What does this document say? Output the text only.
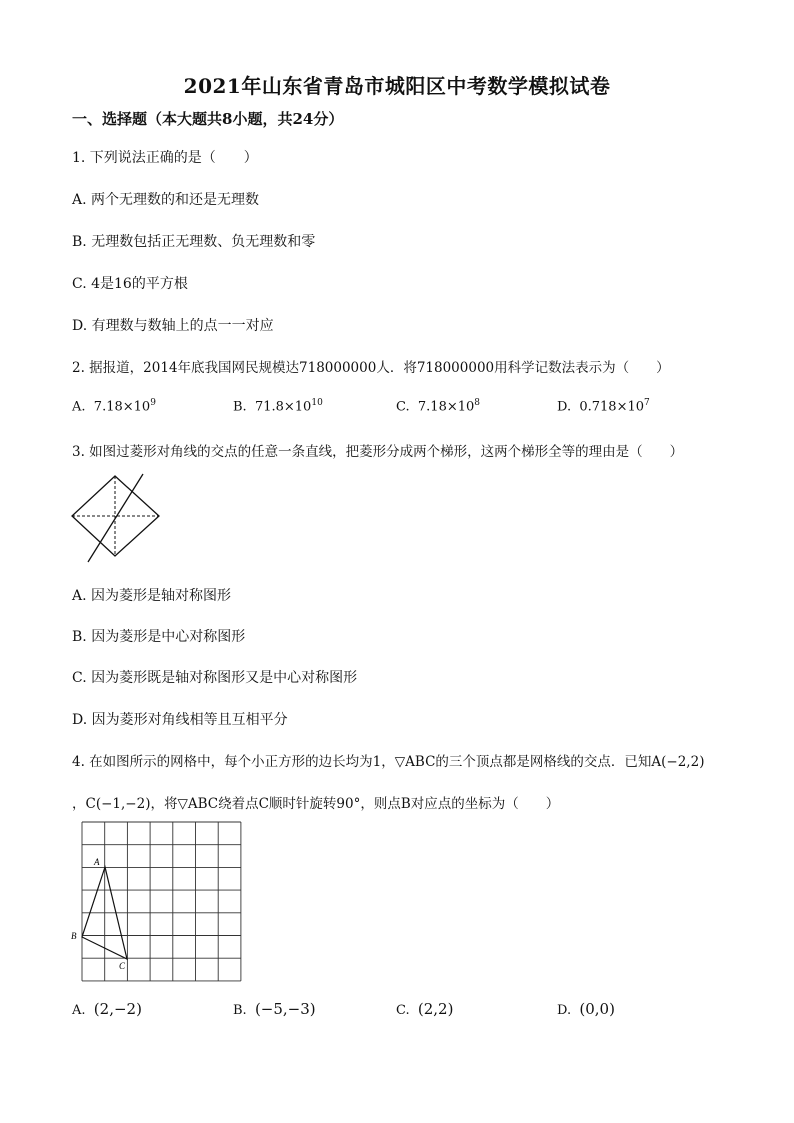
2021年山东省青岛市城阳区中考数学模拟试卷
一、选择题（本大题共8小题，共24分）
1. 下列说法正确的是（　　）
A. 两个无理数的和还是无理数
B. 无理数包括正无理数、负无理数和零
C. 4是16的平方根
D. 有理数与数轴上的点一一对应
2. 据报道，2014年底我国网民规模达718000000人．将718000000用科学记数法表示为（　　）
A. $7.18\times 10^9$	B. $71.8\times 10^{10}$	C. $7.18\times 10^8$	D. $0.718\times 10^7$
3. 如图过菱形对角线的交点的任意一条直线，把菱形分成两个梯形，这两个梯形全等的理由是（　　）
A. 因为菱形是轴对称图形
B. 因为菱形是中心对称图形
C. 因为菱形既是轴对称图形又是中心对称图形
D. 因为菱形对角线相等且互相平分
4. 在如图所示的网格中，每个小正方形的边长均为1，▽ABC的三个顶点都是网格线的交点．已知A(−2,2)
，C(−1,−2)，将▽ABC绕着点C顺时针旋转90°，则点B对应点的坐标为（　　）
A
B
C
A. (2,−2)	B. (−5,−3)	C. (2,2)	D. (0,0)
